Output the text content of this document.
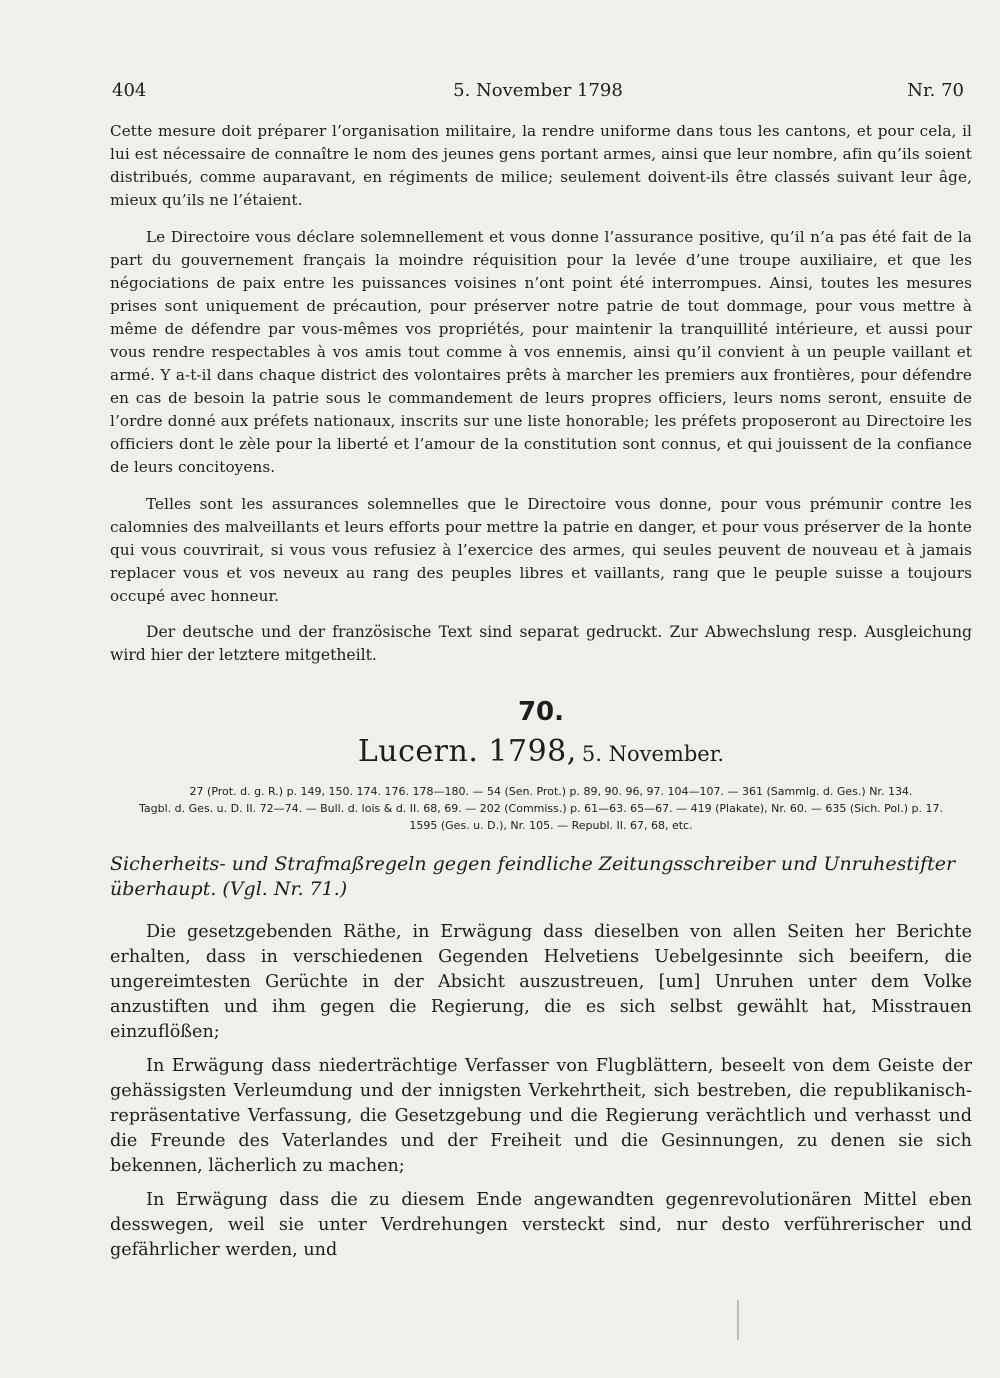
404	5. November 1798	Nr. 70

Cette mesure doit préparer l’organisation militaire, la rendre uniforme dans tous les cantons, et pour cela, il lui est nécessaire de connaître le nom des jeunes gens portant armes, ainsi que leur nombre, afin qu’ils soient distribués, comme auparavant, en régiments de milice; seulement doivent-ils être classés suivant leur âge, mieux qu’ils ne l’étaient.

Le Directoire vous déclare solemnellement et vous donne l’assurance positive, qu’il n’a pas été fait de la part du gouvernement français la moindre réquisition pour la levée d’une troupe auxiliaire, et que les négociations de paix entre les puissances voisines n’ont point été interrompues. Ainsi, toutes les mesures prises sont uniquement de précaution, pour préserver notre patrie de tout dommage, pour vous mettre à même de défendre par vous-mêmes vos propriétés, pour maintenir la tranquillité intérieure, et aussi pour vous rendre respectables à vos amis tout comme à vos ennemis, ainsi qu’il convient à un peuple vaillant et armé. Y a-t-il dans chaque district des volontaires prêts à marcher les premiers aux frontières, pour défendre en cas de besoin la patrie sous le commandement de leurs propres officiers, leurs noms seront, ensuite de l’ordre donné aux préfets nationaux, inscrits sur une liste honorable; les préfets proposeront au Directoire les officiers dont le zèle pour la liberté et l’amour de la constitution sont connus, et qui jouissent de la confiance de leurs concitoyens.

Telles sont les assurances solemnelles que le Directoire vous donne, pour vous prémunir contre les calomnies des malveillants et leurs efforts pour mettre la patrie en danger, et pour vous préserver de la honte qui vous couvrirait, si vous vous refusiez à l’exercice des armes, qui seules peuvent de nouveau et à jamais replacer vous et vos neveux au rang des peuples libres et vaillants, rang que le peuple suisse a toujours occupé avec honneur.

Der deutsche und der französische Text sind separat gedruckt. Zur Abwechslung resp. Ausgleichung wird hier der letztere mitgetheilt.

70.
Lucern. 1798, 5. November.
27 (Prot. d. g. R.) p. 149, 150. 174. 176. 178—180. — 54 (Sen. Prot.) p. 89, 90. 96, 97. 104—107. — 361 (Sammlg. d. Ges.) Nr. 134.
Tagbl. d. Ges. u. D. II. 72—74. — Bull. d. lois & d. II. 68, 69. — 202 (Commiss.) p. 61—63. 65—67. — 419 (Plakate), Nr. 60. — 635 (Sich. Pol.) p. 17.
1595 (Ges. u. D.), Nr. 105. — Republ. II. 67, 68, etc.
Sicherheits- und Strafmaßregeln gegen feindliche Zeitungsschreiber und Unruhestifter überhaupt. (Vgl. Nr. 71.)

Die gesetzgebenden Räthe, in Erwägung dass dieselben von allen Seiten her Berichte erhalten, dass in verschiedenen Gegenden Helvetiens Uebelgesinnte sich beeifern, die ungereimtesten Gerüchte in der Absicht auszustreuen, [um] Unruhen unter dem Volke anzustiften und ihm gegen die Regierung, die es sich selbst gewählt hat, Misstrauen einzuflößen;

In Erwägung dass niederträchtige Verfasser von Flugblättern, beseelt von dem Geiste der gehässigsten Verleumdung und der innigsten Verkehrtheit, sich bestreben, die republikanisch-repräsentative Verfassung, die Gesetzgebung und die Regierung verächtlich und verhasst und die Freunde des Vaterlandes und der Freiheit und die Gesinnungen, zu denen sie sich bekennen, lächerlich zu machen;

In Erwägung dass die zu diesem Ende angewandten gegenrevolutionären Mittel eben desswegen, weil sie unter Verdrehungen versteckt sind, nur desto verführerischer und gefährlicher werden, und
